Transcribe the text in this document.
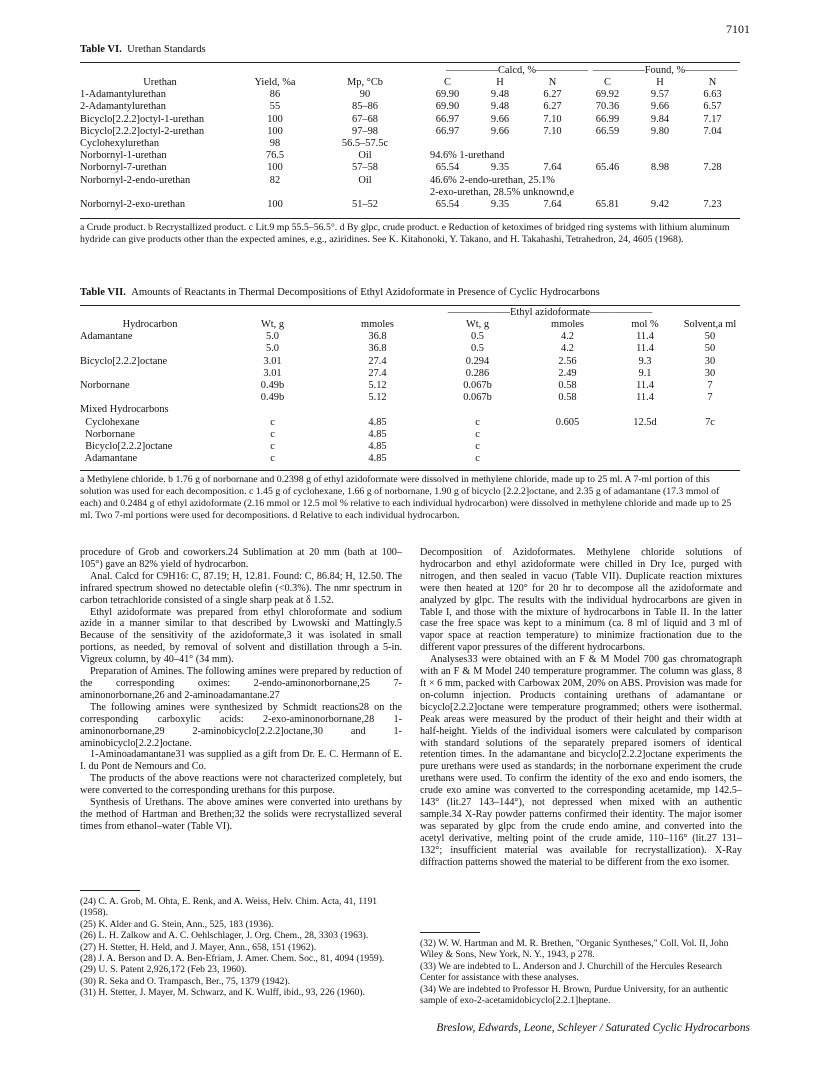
7101
Table VI. Urethan Standards
—————Calcd, %————— —————Found, %—————
Urethan	Yield, %a	Mp, °Cb	C	H	N	C	H	N
1-Adamantylurethan	86	90	69.90	9.48	6.27	69.92	9.57	6.63
2-Adamantylurethan	55	85–86	69.90	9.48	6.27	70.36	9.66	6.57
Bicyclo[2.2.2]octyl-1-urethan	100	67–68	66.97	9.66	7.10	66.99	9.84	7.17
Bicyclo[2.2.2]octyl-2-urethan	100	97–98	66.97	9.66	7.10	66.59	9.80	7.04
Cyclohexylurethan	98	56.5–57.5c						
Norbornyl-1-urethan	76.5	Oil	94.6% 1-urethand					
Norbornyl-7-urethan	100	57–58	65.54	9.35	7.64	65.46	8.98	7.28
Norbornyl-2-endo-urethan	82	Oil	46.6% 2-endo-urethan, 25.1%					
			2-exo-urethan, 28.5% unknownd,e					
Norbornyl-2-exo-urethan	100	51–52	65.54	9.35	7.64	65.81	9.42	7.23
a Crude product. b Recrystallized product. c Lit.9 mp 55.5–56.5°. d By glpc, crude product. e Reduction of ketoximes of bridged ring systems with lithium aluminum hydride can give products other than the expected amines, e.g., aziridines. See K. Kitahonoki, Y. Takano, and H. Takahashi, Tetrahedron, 24, 4605 (1968).
Table VII. Amounts of Reactants in Thermal Decompositions of Ethyl Azidoformate in Presence of Cyclic Hydrocarbons
——————Ethyl azidoformate——————
Hydrocarbon	Wt, g	mmoles	Wt, g	mmoles	mol %	Solvent,a ml
Adamantane	5.0	36.8	0.5	4.2	11.4	50
	5.0	36.8	0.5	4.2	11.4	50
Bicyclo[2.2.2]octane	3.01	27.4	0.294	2.56	9.3	30
	3.01	27.4	0.286	2.49	9.1	30
Norbornane	0.49b	5.12	0.067b	0.58	11.4	7
	0.49b	5.12	0.067b	0.58	11.4	7
Mixed Hydrocarbons						
Cyclohexane	c	4.85	c	0.605	12.5d	7c
Norbornane	c	4.85	c			
Bicyclo[2.2.2]octane	c	4.85	c			
Adamantane	c	4.85	c			
a Methylene chloride. b 1.76 g of norbornane and 0.2398 g of ethyl azidoformate were dissolved in methylene chloride, made up to 25 ml. A 7-ml portion of this solution was used for each decomposition. c 1.45 g of cyclohexane, 1.66 g of norbornane, 1.90 g of bicyclo [2.2.2]octane, and 2.35 g of adamantane (17.3 mmol of each) and 0.2484 g of ethyl azidoformate (2.16 mmol or 12.5 mol % relative to each individual hydrocarbon) were dissolved in methylene chloride and made up to 25 ml. Two 7-ml portions were used for decompositions. d Relative to each individual hydrocarbon.

procedure of Grob and coworkers.24 Sublimation at 20 mm (bath at 100–105°) gave an 82% yield of hydrocarbon.

Anal. Calcd for C9H16: C, 87.19; H, 12.81. Found: C, 86.84; H, 12.50. The infrared spectrum showed no detectable olefin (<0.3%). The nmr spectrum in carbon tetrachloride consisted of a single sharp peak at δ 1.52.

Ethyl azidoformate was prepared from ethyl chloroformate and sodium azide in a manner similar to that described by Lwowski and Mattingly.5 Because of the sensitivity of the azidoformate,3 it was isolated in small portions, as needed, by removal of solvent and distillation through a 5-in. Vigreux column, by 40–41° (34 mm).

Preparation of Amines. The following amines were prepared by reduction of the corresponding oximes: 2-endo-aminonorbornane,25 7-aminonorbornane,26 and 2-aminoadamantane.27

The following amines were synthesized by Schmidt reactions28 on the corresponding carboxylic acids: 2-exo-aminonorbornane,28 1-aminonorbornane,29 2-aminobicyclo[2.2.2]octane,30 and 1-aminobicyclo[2.2.2]octane.

1-Aminoadamantane31 was supplied as a gift from Dr. E. C. Hermann of E. I. du Pont de Nemours and Co.

The products of the above reactions were not characterized completely, but were converted to the corresponding urethans for this purpose.

Synthesis of Urethans. The above amines were converted into urethans by the method of Hartman and Brethen;32 the solids were recrystallized several times from ethanol–water (Table VI).

Decomposition of Azidoformates. Methylene chloride solutions of hydrocarbon and ethyl azidoformate were chilled in Dry Ice, purged with nitrogen, and then sealed in vacuo (Table VII). Duplicate reaction mixtures were then heated at 120° for 20 hr to decompose all the azidoformate and analyzed by glpc. The results with the individual hydrocarbons are given in Table I, and those with the mixture of hydrocarbons in Table II. In the latter case the free space was kept to a minimum (ca. 8 ml of liquid and 3 ml of vapor space at reaction temperature) to minimize fractionation due to the different vapor pressures of the different hydrocarbons.

Analyses33 were obtained with an F & M Model 700 gas chromatograph with an F & M Model 240 temperature programmer. The column was glass, 8 ft × 6 mm, packed with Carbowax 20M, 20% on ABS. Provision was made for on-column injection. Products containing urethans of adamantane or bicyclo[2.2.2]octane were temperature programmed; others were isothermal. Peak areas were measured by the product of their height and their width at half-height. Yields of the individual isomers were calculated by comparison with standard solutions of the separately prepared isomers of identical retention times. In the adamantane and bicyclo[2.2.2]octane experiments the pure urethans were used as standards; in the norbornane experiment the crude urethans were used. To confirm the identity of the exo and endo isomers, the crude exo amine was converted to the corresponding acetamide, mp 142.5–143° (lit.27 143–144°), not depressed when mixed with an authentic sample.34 X-Ray powder patterns confirmed their identity. The major isomer was separated by glpc from the crude endo amine, and converted into the acetyl derivative, melting point of the crude amide, 110–116° (lit.27 131–132°; insufficient material was available for recrystallization). X-Ray diffraction patterns showed the material to be different from the exo isomer.

(24) C. A. Grob, M. Ohta, E. Renk, and A. Weiss, Helv. Chim. Acta, 41, 1191 (1958).
(25) K. Alder and G. Stein, Ann., 525, 183 (1936).
(26) L. H. Zalkow and A. C. Oehlschlager, J. Org. Chem., 28, 3303 (1963).
(27) H. Stetter, H. Held, and J. Mayer, Ann., 658, 151 (1962).
(28) J. A. Berson and D. A. Ben-Efriam, J. Amer. Chem. Soc., 81, 4094 (1959).
(29) U. S. Patent 2,926,172 (Feb 23, 1960).
(30) R. Seka and O. Trampasch, Ber., 75, 1379 (1942).
(31) H. Stetter, J. Mayer, M. Schwarz, and K. Wulff, ibid., 93, 226 (1960).
(32) W. W. Hartman and M. R. Brethen, "Organic Syntheses," Coll. Vol. II, John Wiley & Sons, New York, N. Y., 1943, p 278.
(33) We are indebted to L. Anderson and J. Churchill of the Hercules Research Center for assistance with these analyses.
(34) We are indebted to Professor H. Brown, Purdue University, for an authentic sample of exo-2-acetamidobicyclo[2.2.1]heptane.
Breslow, Edwards, Leone, Schleyer / Saturated Cyclic Hydrocarbons
